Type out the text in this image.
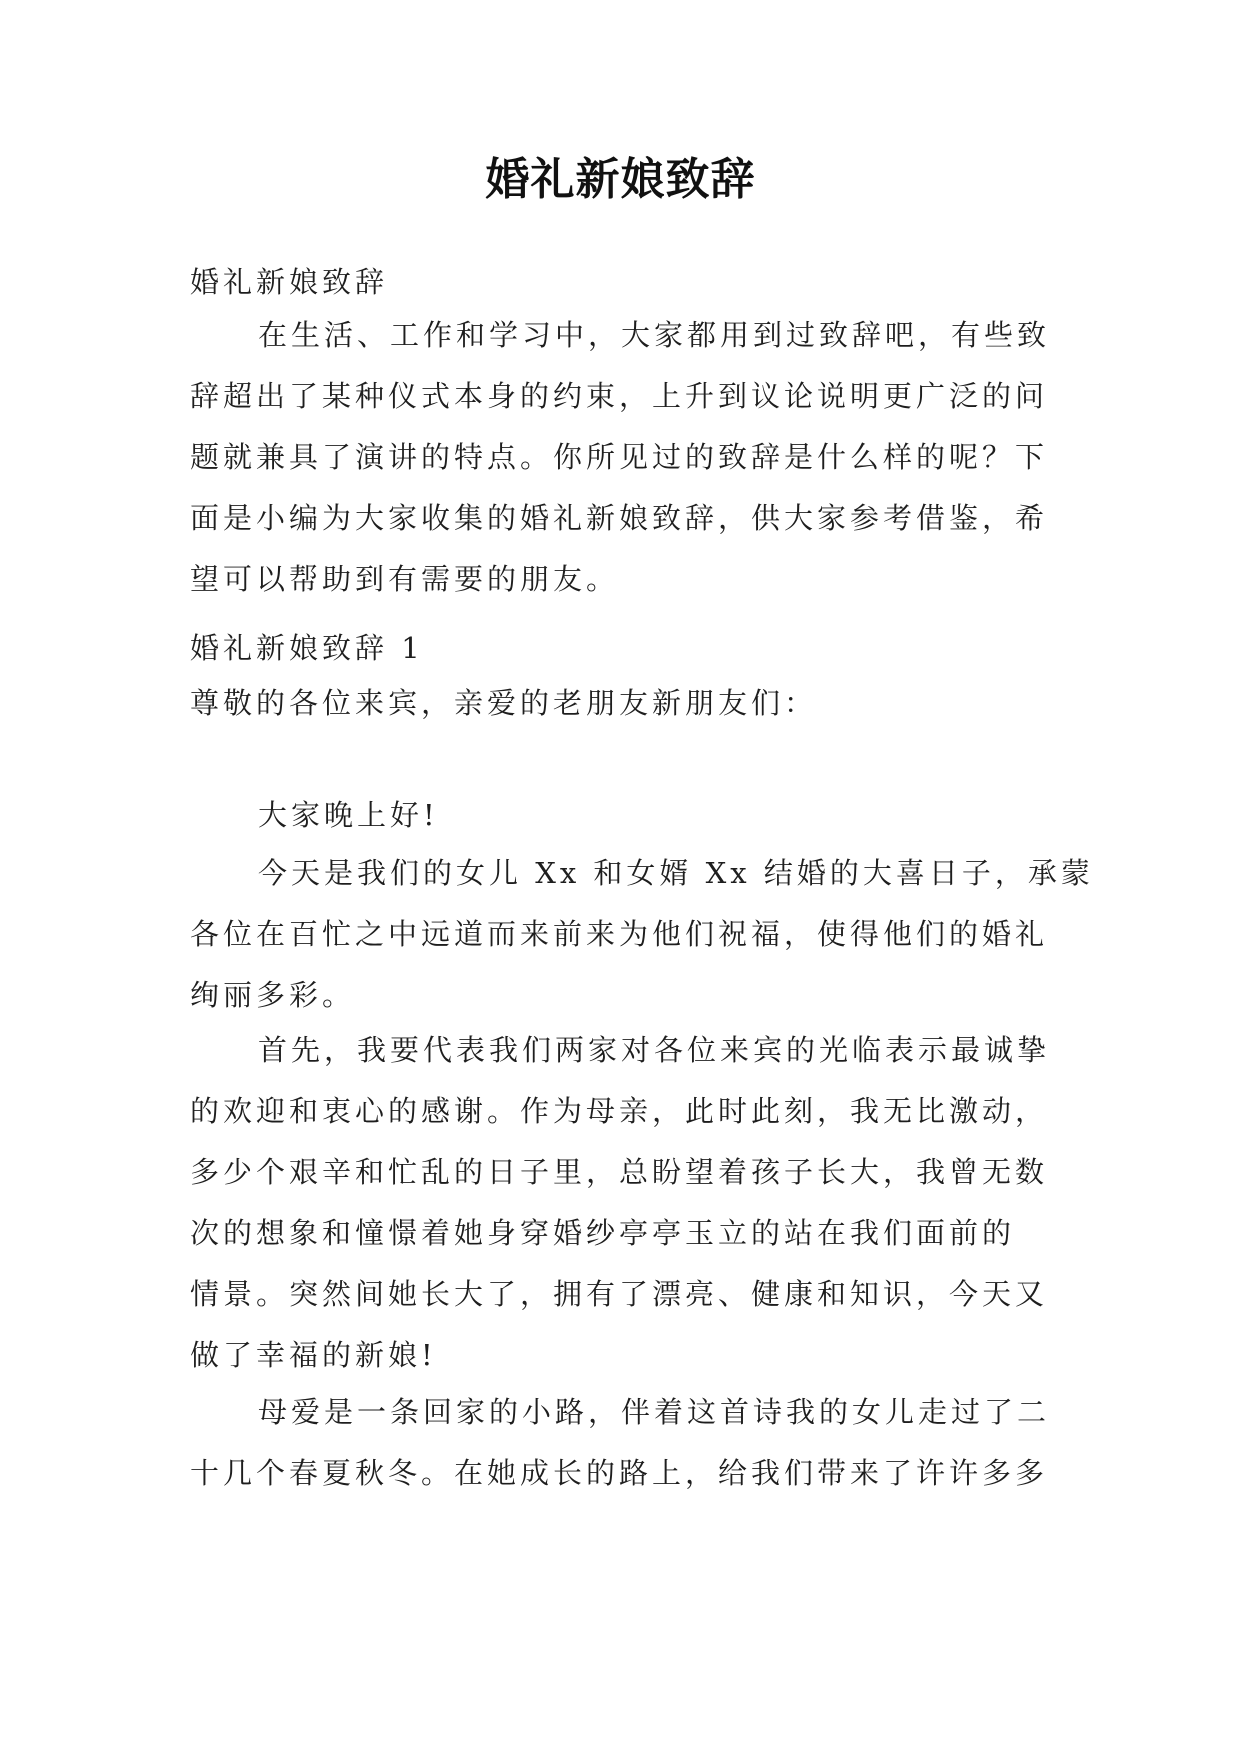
婚礼新娘致辞
婚礼新娘致辞
在生活、工作和学习中，大家都用到过致辞吧，有些致
辞超出了某种仪式本身的约束，上升到议论说明更广泛的问
题就兼具了演讲的特点。你所见过的致辞是什么样的呢？下
面是小编为大家收集的婚礼新娘致辞，供大家参考借鉴，希
望可以帮助到有需要的朋友。
婚礼新娘致辞 1
尊敬的各位来宾，亲爱的老朋友新朋友们：
大家晚上好!
今天是我们的女儿 Xx 和女婿 Xx 结婚的大喜日子，承蒙
各位在百忙之中远道而来前来为他们祝福，使得他们的婚礼
绚丽多彩。
首先，我要代表我们两家对各位来宾的光临表示最诚挚
的欢迎和衷心的感谢。作为母亲，此时此刻，我无比激动，
多少个艰辛和忙乱的日子里，总盼望着孩子长大，我曾无数
次的想象和憧憬着她身穿婚纱亭亭玉立的站在我们面前的
情景。突然间她长大了，拥有了漂亮、健康和知识，今天又
做了幸福的新娘!
母爱是一条回家的小路，伴着这首诗我的女儿走过了二
十几个春夏秋冬。在她成长的路上，给我们带来了许许多多
